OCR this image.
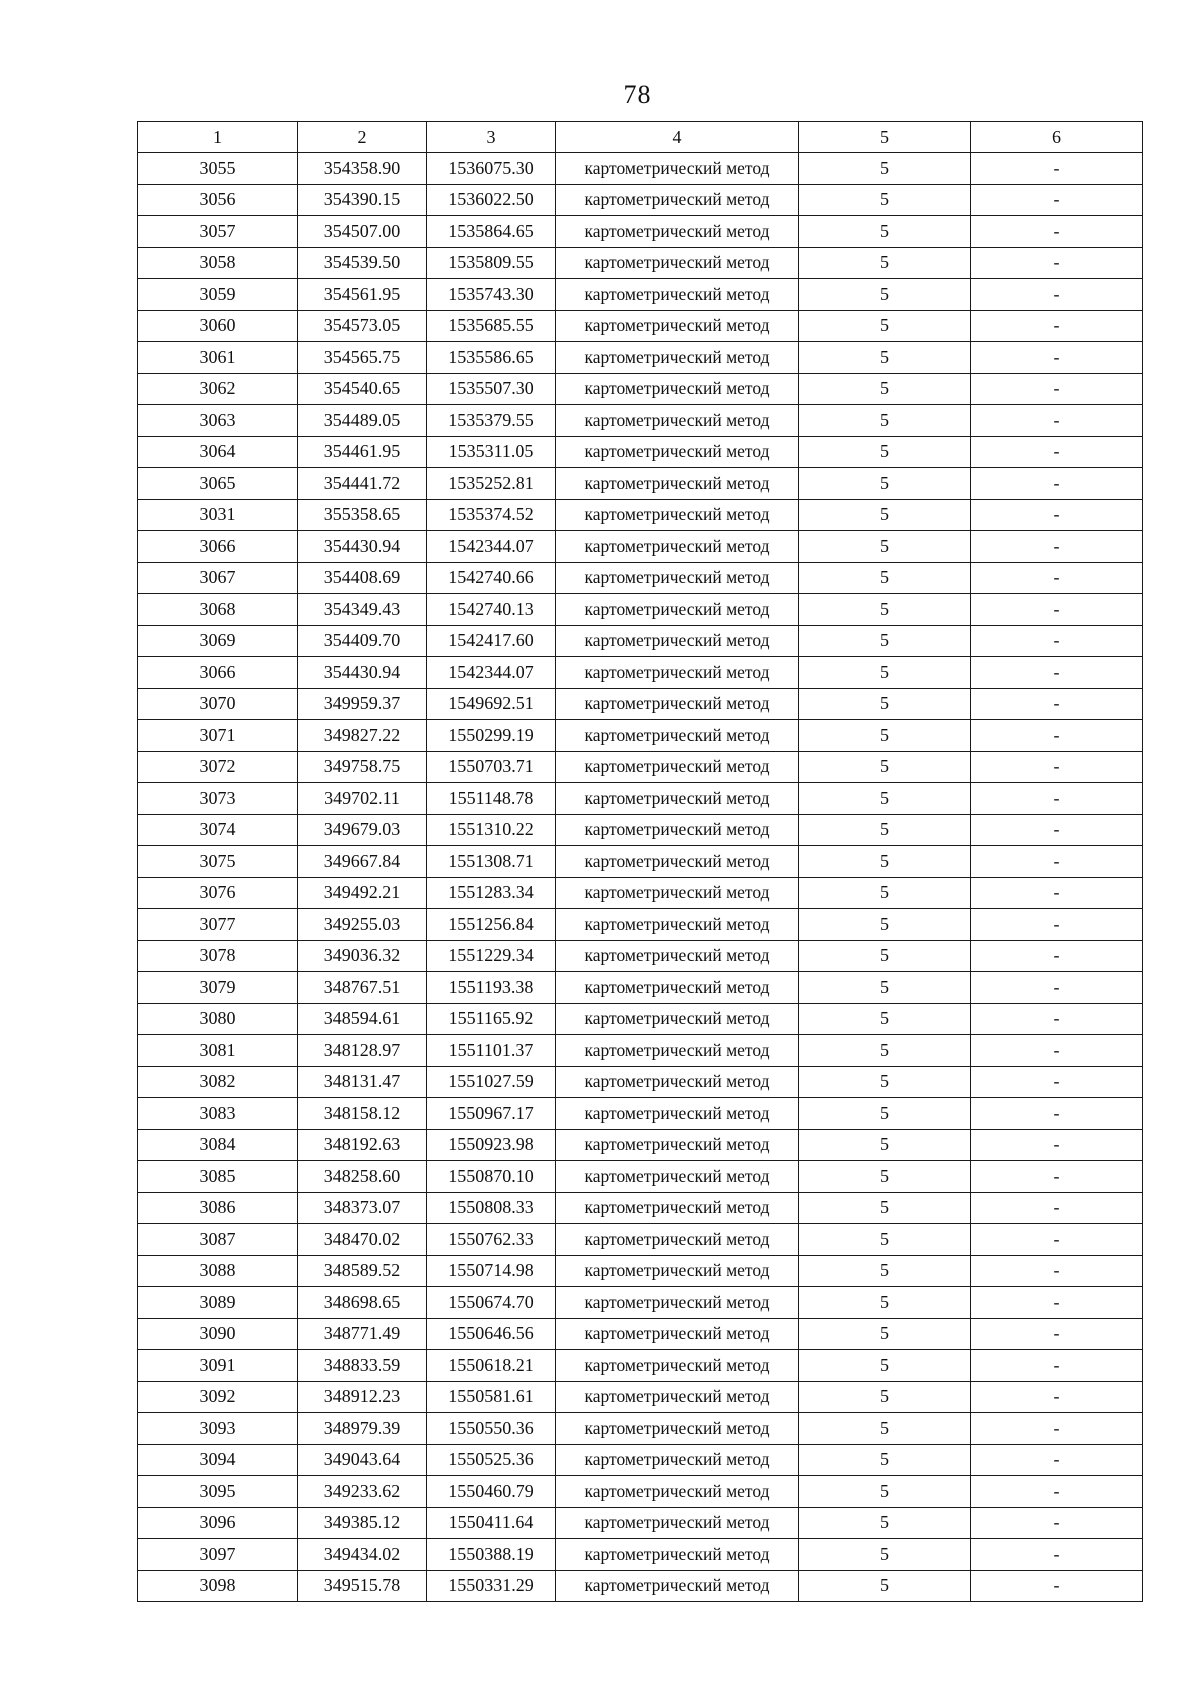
78
1	2	3	4	5	6
3055	354358.90	1536075.30	картометрический метод	5	-
3056	354390.15	1536022.50	картометрический метод	5	-
3057	354507.00	1535864.65	картометрический метод	5	-
3058	354539.50	1535809.55	картометрический метод	5	-
3059	354561.95	1535743.30	картометрический метод	5	-
3060	354573.05	1535685.55	картометрический метод	5	-
3061	354565.75	1535586.65	картометрический метод	5	-
3062	354540.65	1535507.30	картометрический метод	5	-
3063	354489.05	1535379.55	картометрический метод	5	-
3064	354461.95	1535311.05	картометрический метод	5	-
3065	354441.72	1535252.81	картометрический метод	5	-
3031	355358.65	1535374.52	картометрический метод	5	-
3066	354430.94	1542344.07	картометрический метод	5	-
3067	354408.69	1542740.66	картометрический метод	5	-
3068	354349.43	1542740.13	картометрический метод	5	-
3069	354409.70	1542417.60	картометрический метод	5	-
3066	354430.94	1542344.07	картометрический метод	5	-
3070	349959.37	1549692.51	картометрический метод	5	-
3071	349827.22	1550299.19	картометрический метод	5	-
3072	349758.75	1550703.71	картометрический метод	5	-
3073	349702.11	1551148.78	картометрический метод	5	-
3074	349679.03	1551310.22	картометрический метод	5	-
3075	349667.84	1551308.71	картометрический метод	5	-
3076	349492.21	1551283.34	картометрический метод	5	-
3077	349255.03	1551256.84	картометрический метод	5	-
3078	349036.32	1551229.34	картометрический метод	5	-
3079	348767.51	1551193.38	картометрический метод	5	-
3080	348594.61	1551165.92	картометрический метод	5	-
3081	348128.97	1551101.37	картометрический метод	5	-
3082	348131.47	1551027.59	картометрический метод	5	-
3083	348158.12	1550967.17	картометрический метод	5	-
3084	348192.63	1550923.98	картометрический метод	5	-
3085	348258.60	1550870.10	картометрический метод	5	-
3086	348373.07	1550808.33	картометрический метод	5	-
3087	348470.02	1550762.33	картометрический метод	5	-
3088	348589.52	1550714.98	картометрический метод	5	-
3089	348698.65	1550674.70	картометрический метод	5	-
3090	348771.49	1550646.56	картометрический метод	5	-
3091	348833.59	1550618.21	картометрический метод	5	-
3092	348912.23	1550581.61	картометрический метод	5	-
3093	348979.39	1550550.36	картометрический метод	5	-
3094	349043.64	1550525.36	картометрический метод	5	-
3095	349233.62	1550460.79	картометрический метод	5	-
3096	349385.12	1550411.64	картометрический метод	5	-
3097	349434.02	1550388.19	картометрический метод	5	-
3098	349515.78	1550331.29	картометрический метод	5	-
